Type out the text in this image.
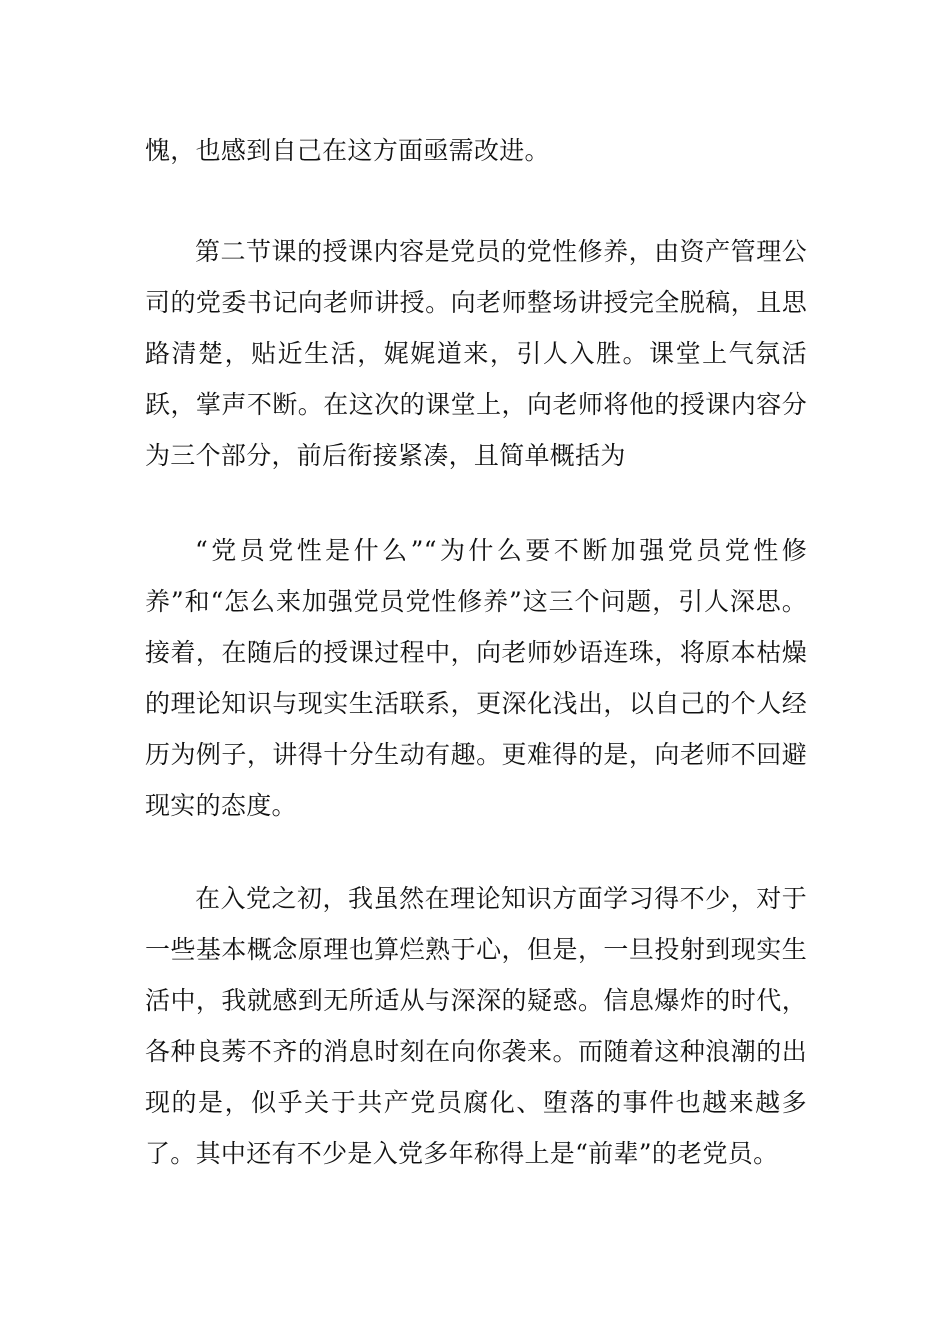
愧，也感到自己在这方面亟需改进。

第二节课的授课内容是党员的党性修养，由资产管理公司的党委书记向老师讲授。向老师整场讲授完全脱稿，且思路清楚，贴近生活，娓娓道来，引人入胜。课堂上气氛活跃，掌声不断。在这次的课堂上，向老师将他的授课内容分为三个部分，前后衔接紧凑，且简单概括为

“党员党性是什么”“为什么要不断加强党员党性修养”和“怎么来加强党员党性修养”这三个问题，引人深思。接着，在随后的授课过程中，向老师妙语连珠，将原本枯燥的理论知识与现实生活联系，更深化浅出，以自己的个人经历为例子，讲得十分生动有趣。更难得的是，向老师不回避现实的态度。

在入党之初，我虽然在理论知识方面学习得不少，对于一些基本概念原理也算烂熟于心，但是，一旦投射到现实生活中，我就感到无所适从与深深的疑惑。信息爆炸的时代，各种良莠不齐的消息时刻在向你袭来。而随着这种浪潮的出现的是，似乎关于共产党员腐化、堕落的事件也越来越多了。其中还有不少是入党多年称得上是“前辈”的老党员。
